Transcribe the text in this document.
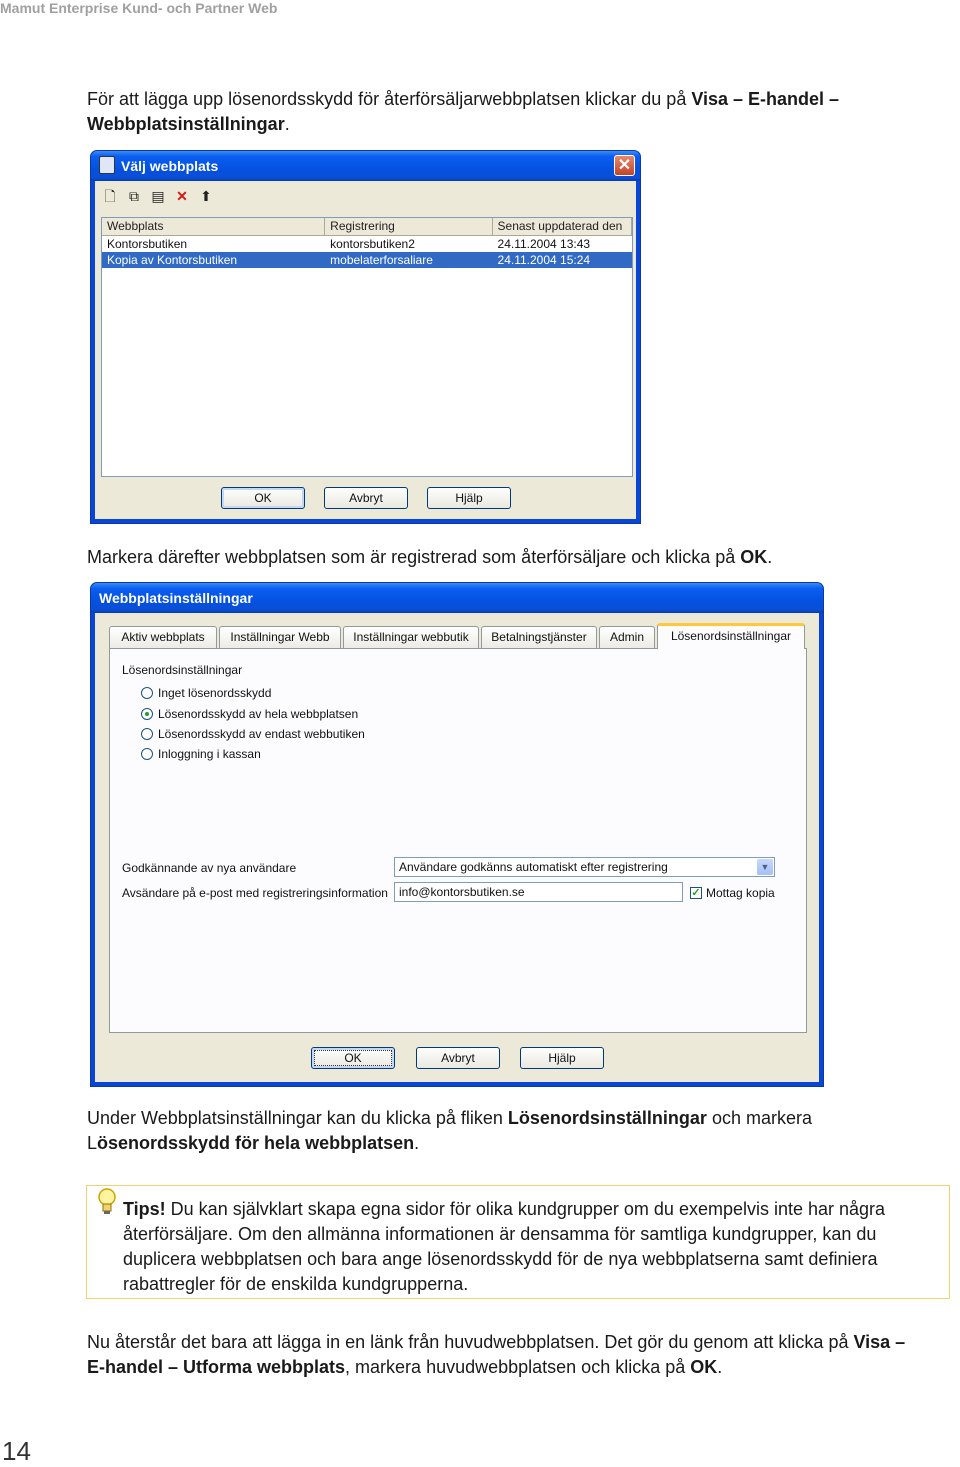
Mamut Enterprise Kund- och Partner Web
För att lägga upp lösenordsskydd för återförsäljarwebbplatsen klickar du på Visa – E-handel – Webbplatsinställningar.
Välj webbplats	✕
🗋 ⧉ ▤ ✕ ⬆
Webbplats	Registrering	Senast uppdaterad den
Kontorsbutiken	kontorsbutiken2	24.11.2004 13:43
Kopia av Kontorsbutiken	mobelaterforsaliare	24.11.2004 15:24
OK	Avbryt	Hjälp
Markera därefter webbplatsen som är registrerad som återförsäljare och klicka på OK.
Webbplatsinställningar
Aktiv webbplats	Inställningar Webb	Inställningar webbutik	Betalningstjänster	Admin	Lösenordsinställningar
Lösenordsinställningar
Inget lösenordsskydd
Lösenordsskydd av hela webbplatsen
Lösenordsskydd av endast webbutiken
Inloggning i kassan
Godkännande av nya användare	Användare godkänns automatiskt efter registrering	▼
Avsändare på e-post med registreringsinformation info@kontorsbutiken.se	✓ Mottag kopia
OK	Avbryt	Hjälp
Under Webbplatsinställningar kan du klicka på fliken Lösenordsinställningar och markera Lösenordsskydd för hela webbplatsen.
Tips! Du kan självklart skapa egna sidor för olika kundgrupper om du exempelvis inte har några återförsäljare. Om den allmänna informationen är densamma för samtliga kundgrupper, kan du duplicera webbplatsen och bara ange lösenordsskydd för de nya webbplatserna samt definiera rabattregler för de enskilda kundgrupperna.
Nu återstår det bara att lägga in en länk från huvudwebbplatsen. Det gör du genom att klicka på Visa – E-handel – Utforma webbplats, markera huvudwebbplatsen och klicka på OK.
14
